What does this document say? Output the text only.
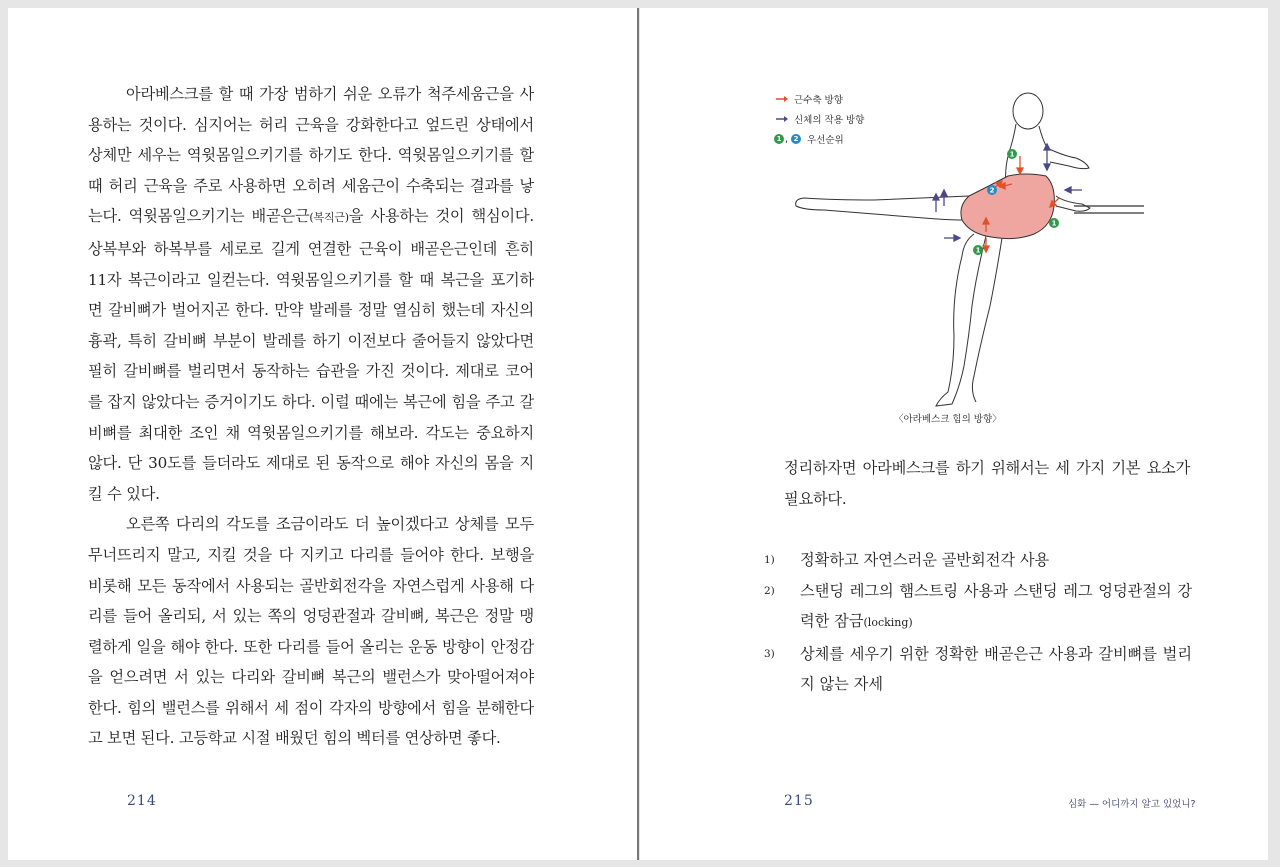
아라베스크를 할 때 가장 범하기 쉬운 오류가 척주세움근을 사용하는 것이다. 심지어는 허리 근육을 강화한다고 엎드린 상태에서 상체만 세우는 역윗몸일으키기를 하기도 한다. 역윗몸일으키기를 할 때 허리 근육을 주로 사용하면 오히려 세움근이 수축되는 결과를 낳는다. 역윗몸일으키기는 배곧은근(복직근)을 사용하는 것이 핵심이다. 상복부와 하복부를 세로로 길게 연결한 근육이 배곧은근인데 흔히 11자 복근이라고 일컫는다. 역윗몸일으키기를 할 때 복근을 포기하면 갈비뼈가 벌어지곤 한다. 만약 발레를 정말 열심히 했는데 자신의 흉곽, 특히 갈비뼈 부분이 발레를 하기 이전보다 줄어들지 않았다면 필히 갈비뼈를 벌리면서 동작하는 습관을 가진 것이다. 제대로 코어를 잡지 않았다는 증거이기도 하다. 이럴 때에는 복근에 힘을 주고 갈비뼈를 최대한 조인 채 역윗몸일으키기를 해보라. 각도는 중요하지 않다. 단 30도를 들더라도 제대로 된 동작으로 해야 자신의 몸을 지킬 수 있다.

오른쪽 다리의 각도를 조금이라도 더 높이겠다고 상체를 모두 무너뜨리지 말고, 지킬 것을 다 지키고 다리를 들어야 한다. 보행을 비롯해 모든 동작에서 사용되는 골반회전각을 자연스럽게 사용해 다리를 들어 올리되, 서 있는 쪽의 엉덩관절과 갈비뼈, 복근은 정말 맹렬하게 일을 해야 한다. 또한 다리를 들어 올리는 운동 방향이 안정감을 얻으려면 서 있는 다리와 갈비뼈 복근의 밸런스가 맞아떨어져야 한다. 힘의 밸런스를 위해서 세 점이 각자의 방향에서 힘을 분해한다고 보면 된다. 고등학교 시절 배웠던 힘의 벡터를 연상하면 좋다.

214
근수축 방향
신체의 작용 방향
1 , 2 우선순위
1
2
1
1
〈아라베스크 힘의 방향〉
정리하자면 아라베스크를 하기 위해서는 세 가지 기본 요소가 필요하다.
1) 정확하고 자연스러운 골반회전각 사용
2) 스탠딩 레그의 햄스트링 사용과 스탠딩 레그 엉덩관절의 강력한 잠금(locking)
3) 상체를 세우기 위한 정확한 배곧은근 사용과 갈비뼈를 벌리지 않는 자세
215	심화 — 어디까지 알고 있었니?
